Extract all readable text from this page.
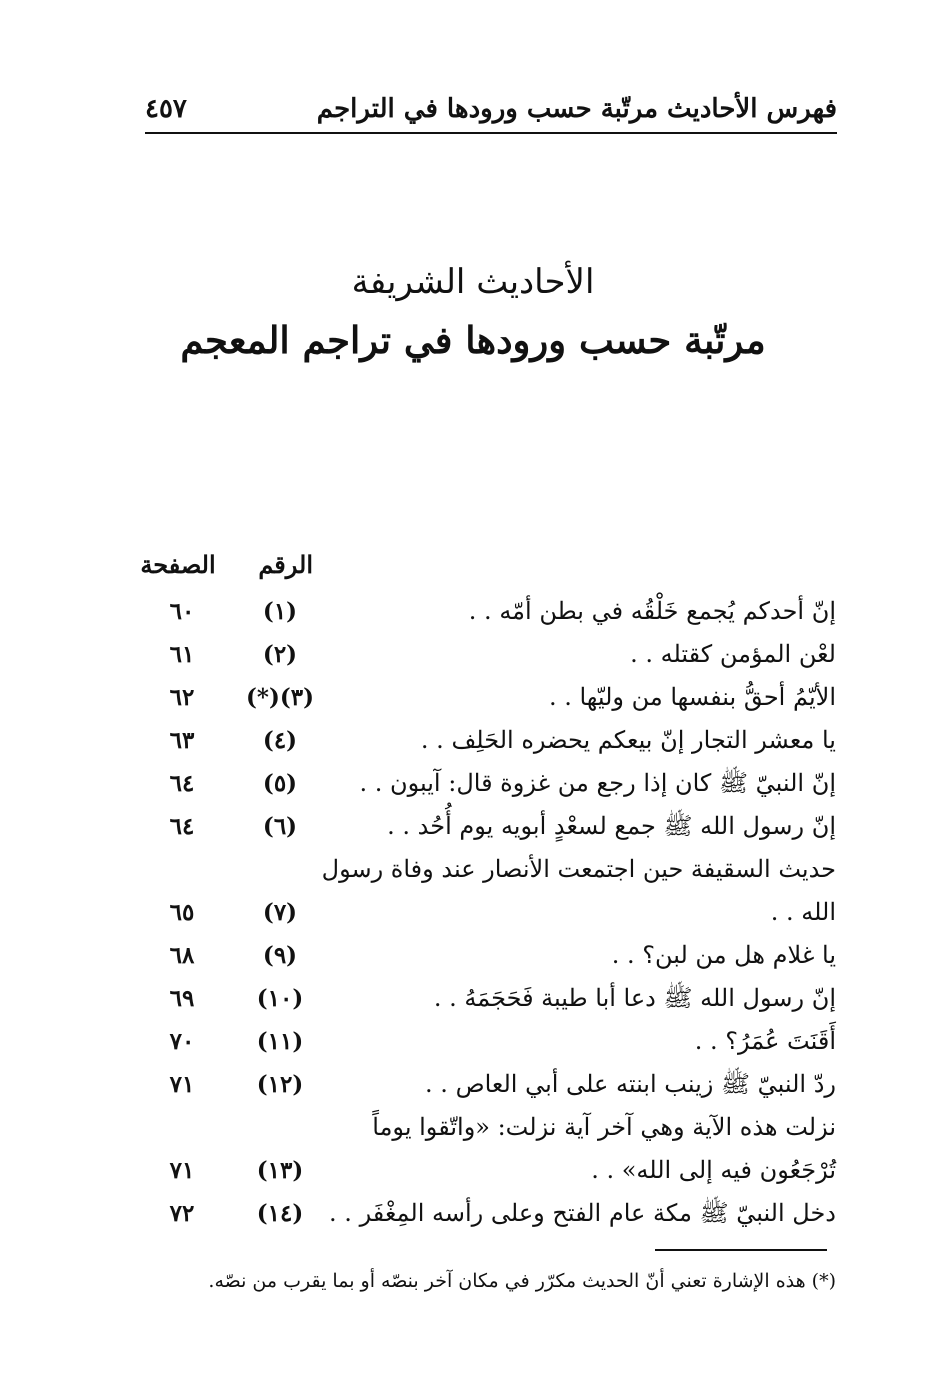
فهرس الأحاديث مرتّبة حسب ورودها في التراجم
٤٥٧
الأحاديث الشريفة
مرتّبة حسب ورودها في تراجم المعجم
الرقم
الصفحة
إنّ أحدكم يُجمع خَلْقُه في بطن أمّه . .
(١)
٦٠
لعْن المؤمن كقتله . .
(٢)
٦١
الأيّمُ أحقُّ بنفسها من وليّها . .
(٣)(*)
٦٢
يا معشر التجار إنّ بيعكم يحضره الحَلِف . .
(٤)
٦٣
إنّ النبيّ ﷺ كان إذا رجع من غزوة قال: آيبون . .
(٥)
٦٤
إنّ رسول الله ﷺ جمع لسعْدٍ أبويه يوم أُحُد . .
(٦)
٦٤
حديث السقيفة حين اجتمعت الأنصار عند وفاة رسول
الله . .
(٧)
٦٥
يا غلام هل من لبن؟ . .
(٩)
٦٨
إنّ رسول الله ﷺ دعا أبا طيبة فَحَجَمَهُ . .
(١٠)
٦٩
أَقَنَتَ عُمَرُ؟ . .
(١١)
٧٠
ردّ النبيّ ﷺ زينب ابنته على أبي العاص . .
(١٢)
٧١
نزلت هذه الآية وهي آخر آية نزلت: «واتّقوا يوماً
تُرْجَعُون فيه إلى الله» . .
(١٣)
٧١
دخل النبيّ ﷺ مكة عام الفتح وعلى رأسه المِغْفَر . .
(١٤)
٧٢
(*) هذه الإشارة تعني أنّ الحديث مكرّر في مكان آخر بنصّه أو بما يقرب من نصّه.
